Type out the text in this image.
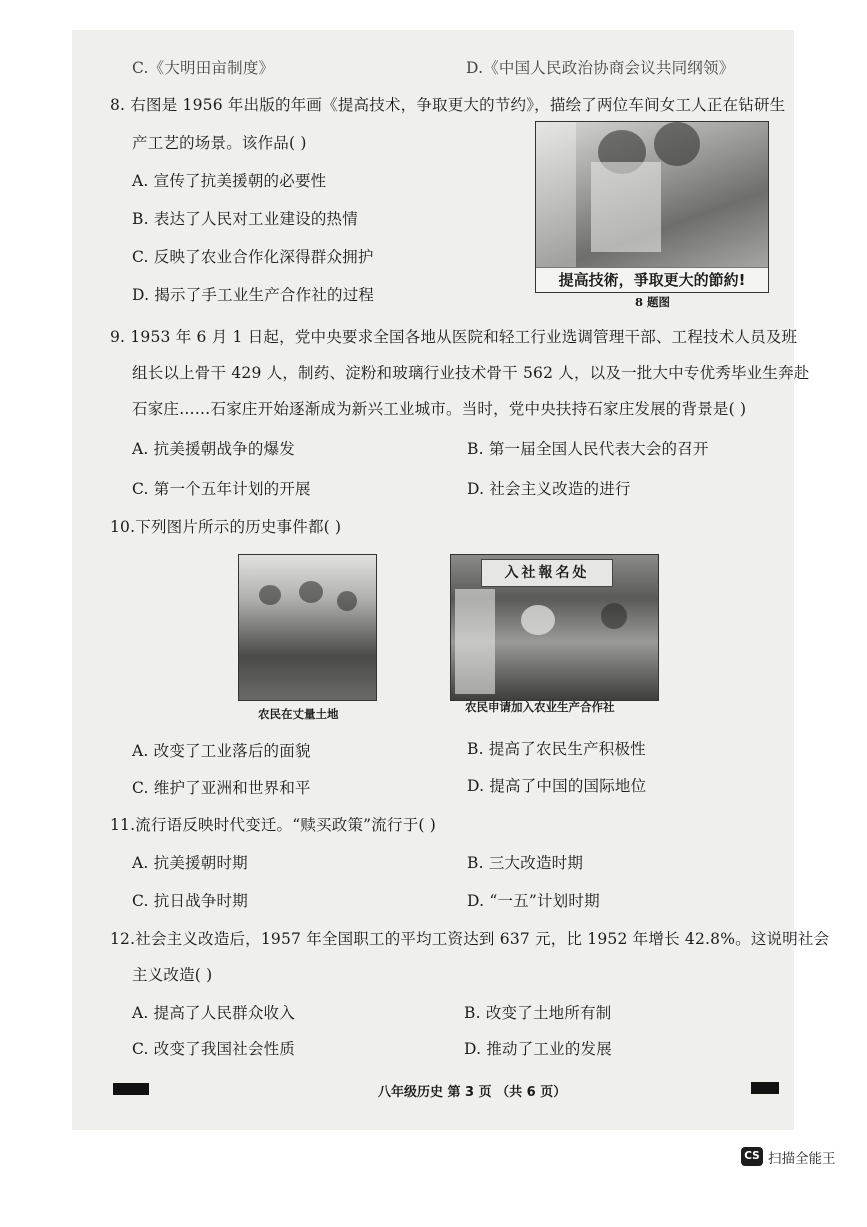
C.《大明田亩制度》	D.《中国人民政治协商会议共同纲领》
8. 右图是 1956 年出版的年画《提高技术，争取更大的节约》，描绘了两位车间女工人正在钻研生
产工艺的场景。该作品( )
A. 宣传了抗美援朝的必要性
B. 表达了人民对工业建设的热情
C. 反映了农业合作化深得群众拥护
D. 揭示了手工业生产合作社的过程
提高技術，爭取更大的節約!
8 题图
9. 1953 年 6 月 1 日起，党中央要求全国各地从医院和轻工行业选调管理干部、工程技术人员及班
组长以上骨干 429 人，制药、淀粉和玻璃行业技术骨干 562 人，以及一批大中专优秀毕业生奔赴
石家庄……石家庄开始逐渐成为新兴工业城市。当时，党中央扶持石家庄发展的背景是( )
A. 抗美援朝战争的爆发	B. 第一届全国人民代表大会的召开
C. 第一个五年计划的开展	D. 社会主义改造的进行
10.下列图片所示的历史事件都( )
农民在丈量土地
入社報名处
农民申请加入农业生产合作社
A. 改变了工业落后的面貌	B. 提高了农民生产积极性
C. 维护了亚洲和世界和平	D. 提高了中国的国际地位
11.流行语反映时代变迁。“赎买政策”流行于( )
A. 抗美援朝时期	B. 三大改造时期
C. 抗日战争时期	D. “一五”计划时期
12.社会主义改造后，1957 年全国职工的平均工资达到 637 元，比 1952 年增长 42.8%。这说明社会
主义改造( )
A. 提高了人民群众收入	B. 改变了土地所有制
C. 改变了我国社会性质	D. 推动了工业的发展
八年级历史 第 3 页 （共 6 页）
CS 扫描全能王
